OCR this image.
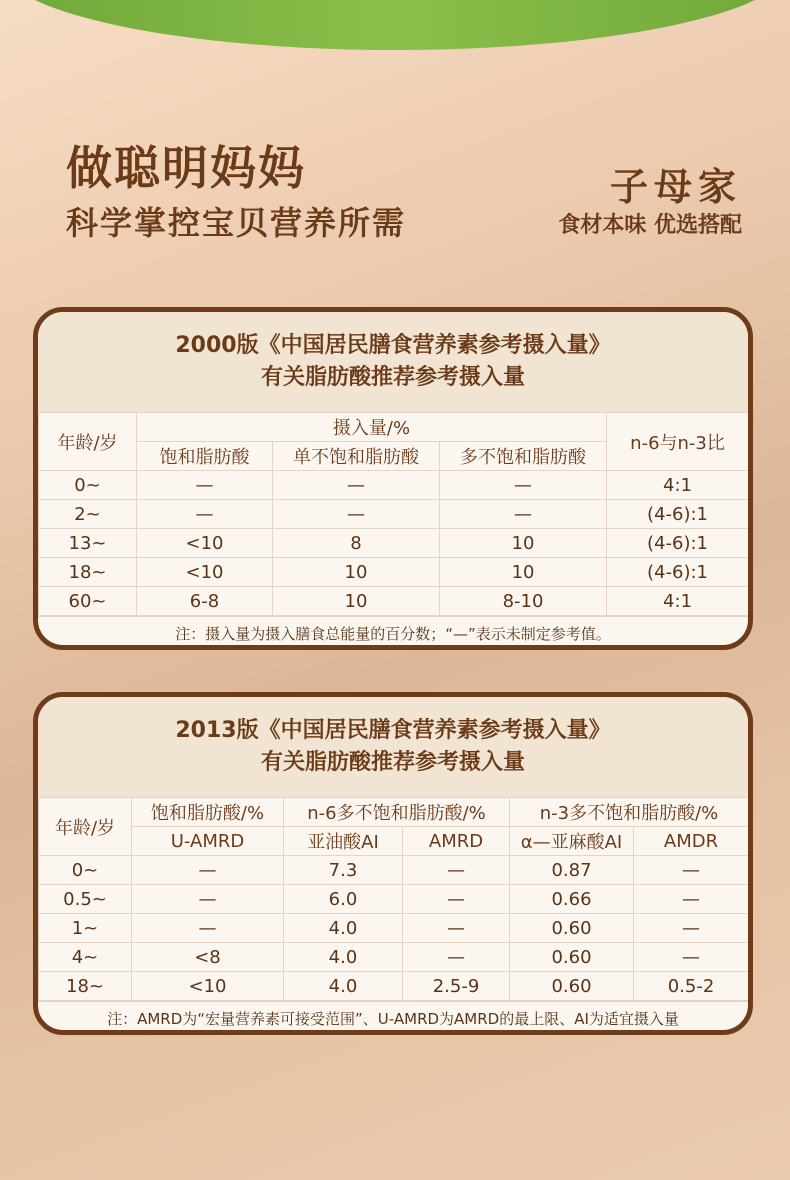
做聪明妈妈
科学掌控宝贝营养所需
子母家
食材本味 优选搭配
2000版《中国居民膳食营养素参考摄入量》
有关脂肪酸推荐参考摄入量
年龄/岁	摄入量/%			n-6与n-3比
	饱和脂肪酸	单不饱和脂肪酸	多不饱和脂肪酸	
0~	—	—	—	4:1
2~	—	—	—	(4-6):1
13~	<10	8	10	(4-6):1
18~	<10	10	10	(4-6):1
60~	6-8	10	8-10	4:1
注：摄入量为摄入膳食总能量的百分数；“—”表示未制定参考值。
2013版《中国居民膳食营养素参考摄入量》
有关脂肪酸推荐参考摄入量
年龄/岁	饱和脂肪酸/%	n-6多不饱和脂肪酸/%		n-3多不饱和脂肪酸/%	
	U-AMRD	亚油酸AI	AMRD	α—亚麻酸AI	AMDR
0~	—	7.3	—	0.87	—
0.5~	—	6.0	—	0.66	—
1~	—	4.0	—	0.60	—
4~	<8	4.0	—	0.60	—
18~	<10	4.0	2.5-9	0.60	0.5-2
注：AMRD为“宏量营养素可接受范围”、U-AMRD为AMRD的最上限、AI为适宜摄入量
